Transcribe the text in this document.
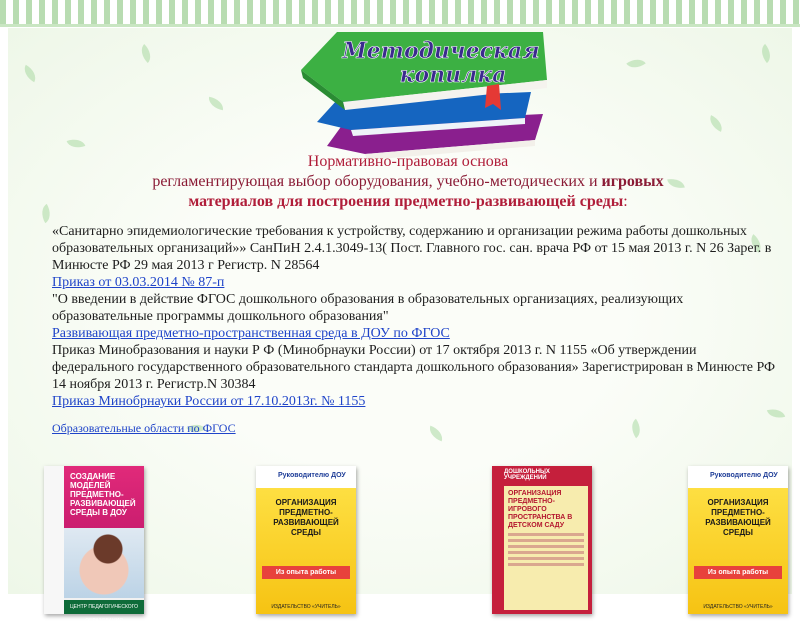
Методическая
копилка
Нормативно-правовая основа
регламентирующая выбор оборудования, учебно-методических и игровых
материалов для построения предметно-развивающей среды:

«Санитарно эпидемиологические требования к устройству, содержанию и организации режима работы дошкольных образовательных организаций»» СанПиН 2.4.1.3049-13( Пост. Главного гос. сан. врача РФ от 15 мая 2013 г. N 26 Зарег. в Минюсте РФ 29 мая 2013 г Регистр. N 28564

Приказ от 03.03.2014 № 87-п

"О введении в действие ФГОС дошкольного образования в образовательных организациях, реализующих образовательные программы дошкольного образования"

Развивающая предметно-пространственная среда в ДОУ по ФГОС

Приказ Минобразования и науки Р Ф (Минобрнауки России) от 17 октября 2013 г. N 1155 «Об утверждении федерального государственного образовательного стандарта дошкольного образования» Зарегистрирован в Минюсте РФ 14 ноября 2013 г. Регистр.N 30384

Приказ Минобрнауки России от 17.10.2013г. № 1155

Образовательные области по ФГОС

СОЗДАНИЕ МОДЕЛЕЙ ПРЕДМЕТНО-РАЗВИВАЮЩЕЙ СРЕДЫ В ДОУ
ЦЕНТР ПЕДАГОГИЧЕСКОГО ОБРАЗОВАНИЯ
Руководителю ДОУ
ОРГАНИЗАЦИЯ ПРЕДМЕТНО-РАЗВИВАЮЩЕЙ СРЕДЫ
Из опыта работы
ИЗДАТЕЛЬСТВО «УЧИТЕЛЬ»
ДОШКОЛЬНЫХ УЧРЕЖДЕНИЙ
ОРГАНИЗАЦИЯ ПРЕДМЕТНО-ИГРОВОГО ПРОСТРАНСТВА В ДЕТСКОМ САДУ
Руководителю ДОУ
ОРГАНИЗАЦИЯ ПРЕДМЕТНО-РАЗВИВАЮЩЕЙ СРЕДЫ
Из опыта работы
ИЗДАТЕЛЬСТВО «УЧИТЕЛЬ»
